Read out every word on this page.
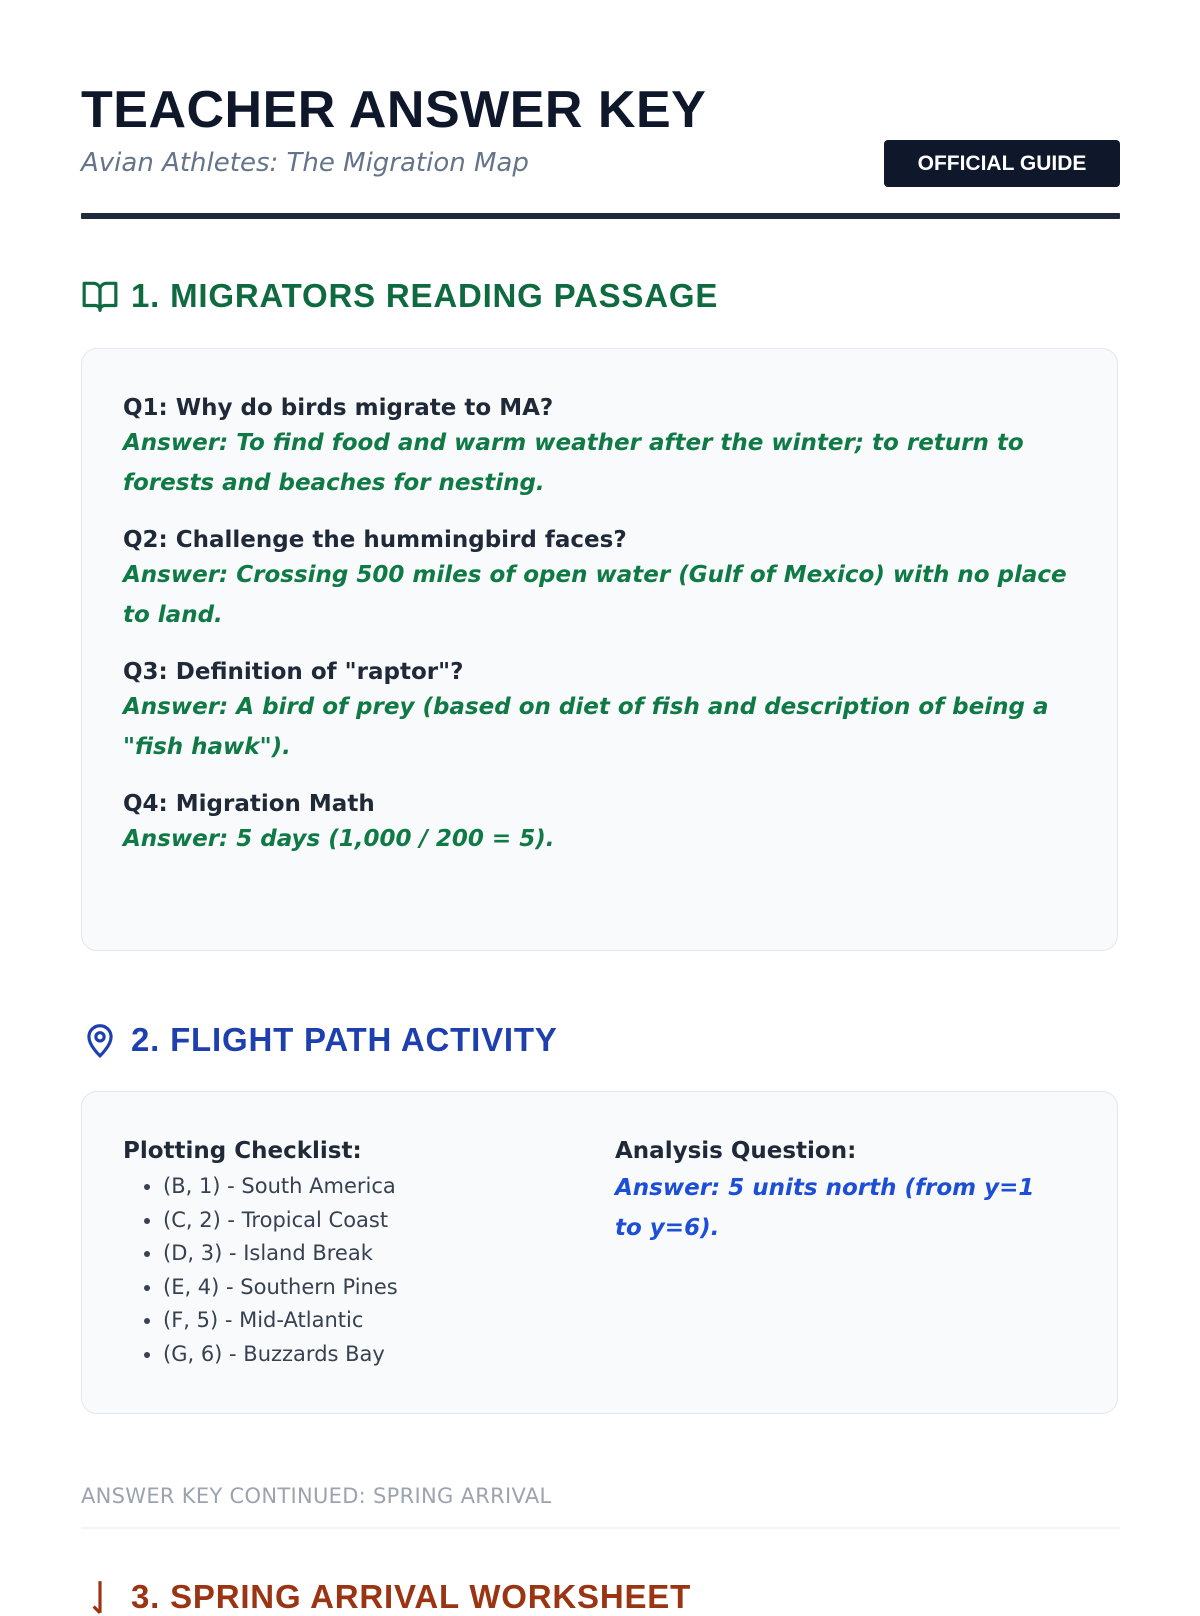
TEACHER ANSWER KEY
Avian Athletes: The Migration Map	OFFICIAL GUIDE
1. MIGRATORS READING PASSAGE

Q1: Why do birds migrate to MA?

Answer: To find food and warm weather after the winter; to return to forests and beaches for nesting.

Q2: Challenge the hummingbird faces?

Answer: Crossing 500 miles of open water (Gulf of Mexico) with no place to land.

Q3: Definition of "raptor"?

Answer: A bird of prey (based on diet of fish and description of being a "fish hawk").

Q4: Migration Math

Answer: 5 days (1,000 / 200 = 5).

2. FLIGHT PATH ACTIVITY

Plotting Checklist:

• (B, 1) - South America
• (C, 2) - Tropical Coast
• (D, 3) - Island Break
• (E, 4) - Southern Pines
• (F, 5) - Mid-Atlantic
• (G, 6) - Buzzards Bay

Analysis Question:

Answer: 5 units north (from y=1 to y=6).

ANSWER KEY CONTINUED: SPRING ARRIVAL
3. SPRING ARRIVAL WORKSHEET
